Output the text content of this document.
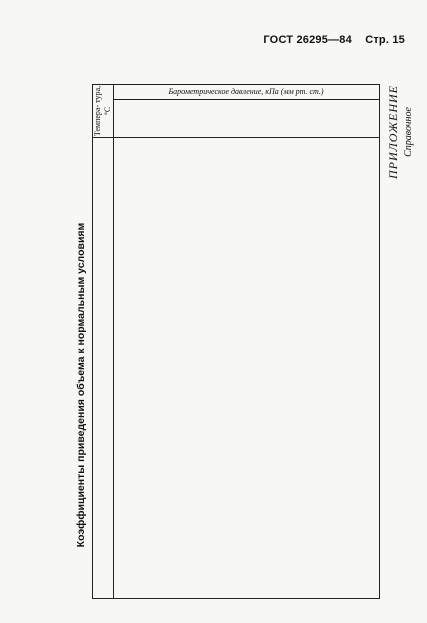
ГОСТ 26295—84 Стр. 15
ПРИЛОЖЕНИЕ Справочное
Коэффициенты приведения объема к нормальным условиям
Темпера- тура, °С
Барометрическое давление, кПа (мм рт. ст.)
